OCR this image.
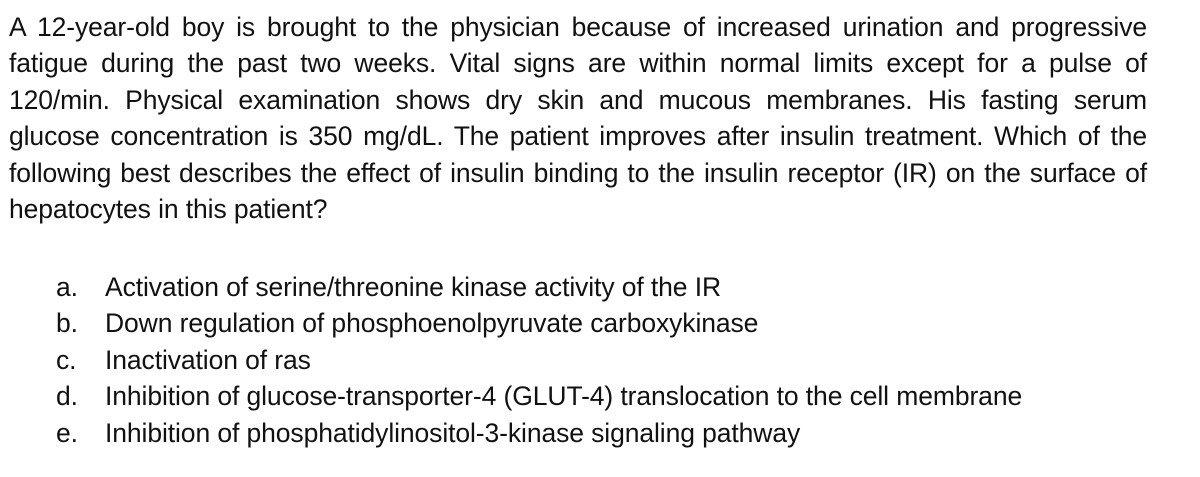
A 12-year-old boy is brought to the physician because of increased urination and progressive fatigue during the past two weeks. Vital signs are within normal limits except for a pulse of 120/min. Physical examination shows dry skin and mucous membranes. His fasting serum glucose concentration is 350 mg/dL. The patient improves after insulin treatment. Which of the following best describes the effect of insulin binding to the insulin receptor (IR) on the surface of hepatocytes in this patient?

a.	Activation of serine/threonine kinase activity of the IR
b.	Down regulation of phosphoenolpyruvate carboxykinase
c.	Inactivation of ras
d.	Inhibition of glucose-transporter-4 (GLUT-4) translocation to the cell membrane
e.	Inhibition of phosphatidylinositol-3-kinase signaling pathway
